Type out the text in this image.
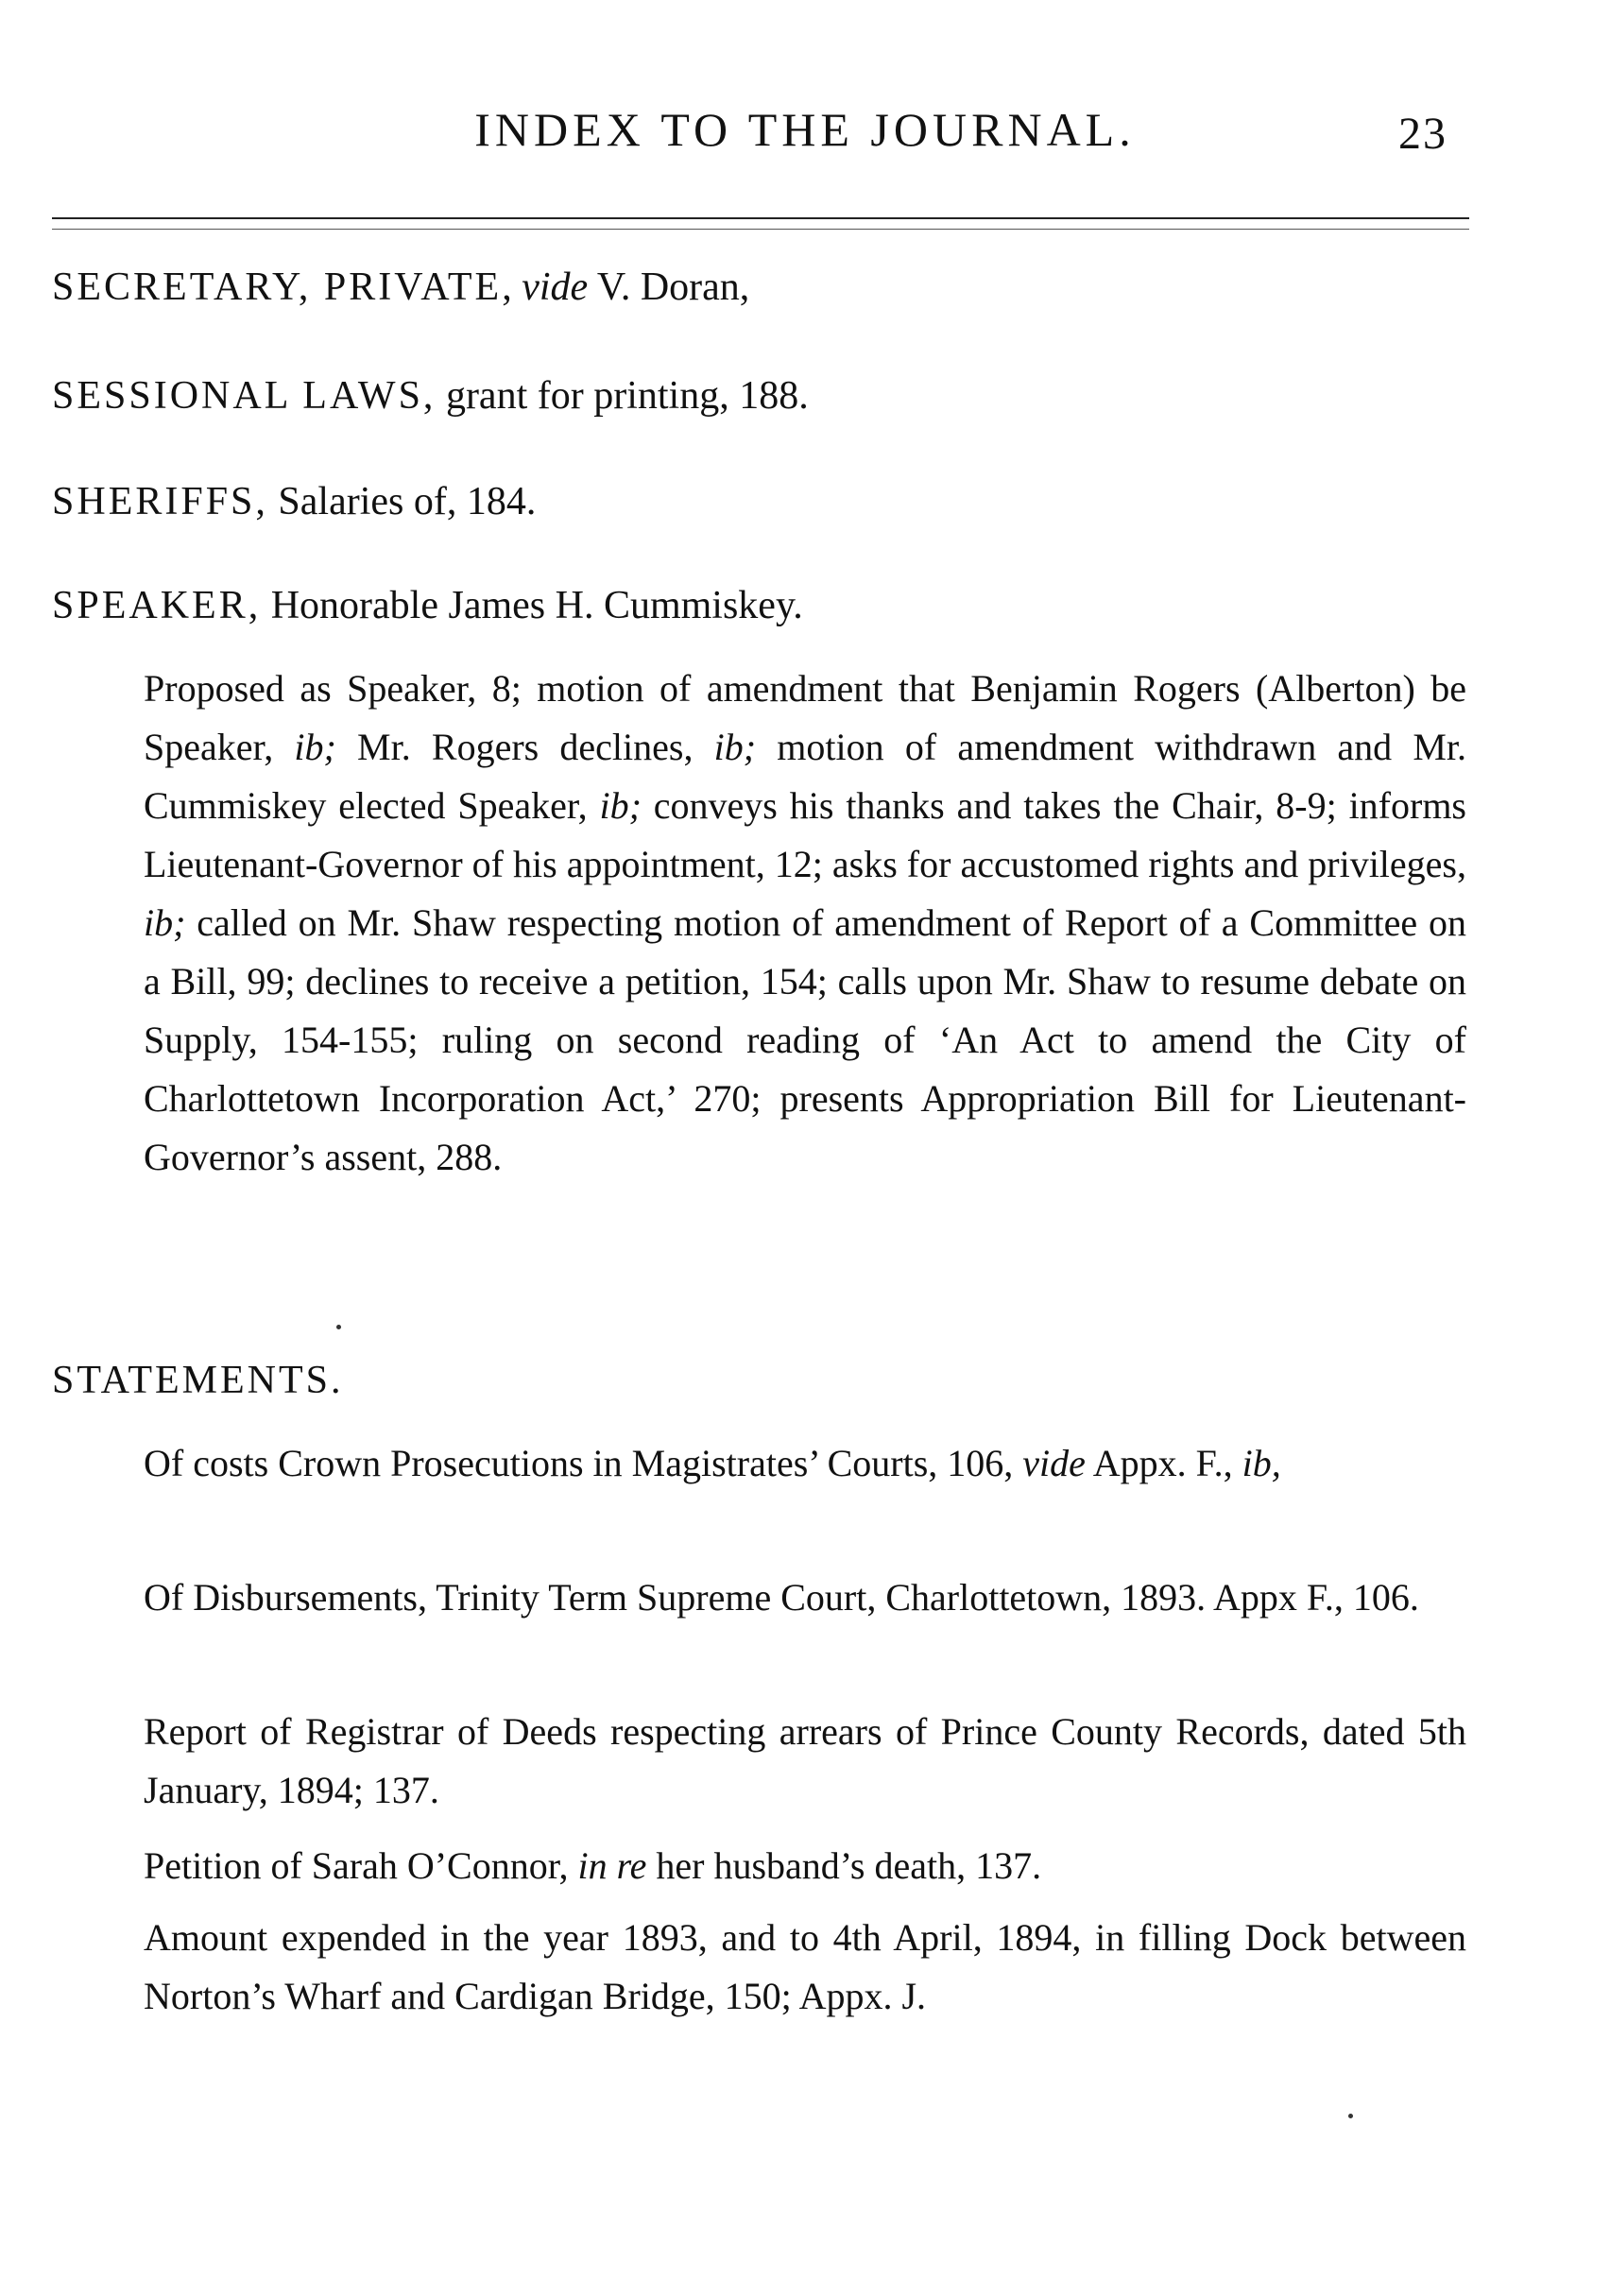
INDEX TO THE JOURNAL.	23
SECRETARY, PRIVATE, vide V. Doran,
SESSIONAL LAWS, grant for printing, 188.
SHERIFFS, Salaries of, 184.
SPEAKER, Honorable James H. Cummiskey.

Proposed as Speaker, 8; motion of amendment that Benjamin Rogers (Alberton) be Speaker, ib; Mr. Rogers declines, ib; motion of amendment withdrawn and Mr. Cummiskey elected Speaker, ib; conveys his thanks and takes the Chair, 8-9; informs Lieutenant-Governor of his appointment, 12; asks for accustomed rights and privileges, ib; called on Mr. Shaw respecting motion of amendment of Report of a Committee on a Bill, 99; declines to receive a petition, 154; calls upon Mr. Shaw to resume debate on Supply, 154-155; ruling on second reading of ‘An Act to amend the City of Charlottetown Incorporation Act,’ 270; presents Appropriation Bill for Lieutenant-Governor’s assent, 288.

STATEMENTS.

Of costs Crown Prosecutions in Magistrates’ Courts, 106, vide Appx. F., ib,

Of Disbursements, Trinity Term Supreme Court, Charlottetown, 1893. Appx F., 106.

Report of Registrar of Deeds respecting arrears of Prince County Records, dated 5th January, 1894; 137.

Petition of Sarah O’Connor, in re her husband’s death, 137.

Amount expended in the year 1893, and to 4th April, 1894, in filling Dock between Norton’s Wharf and Cardigan Bridge, 150; Appx. J.
